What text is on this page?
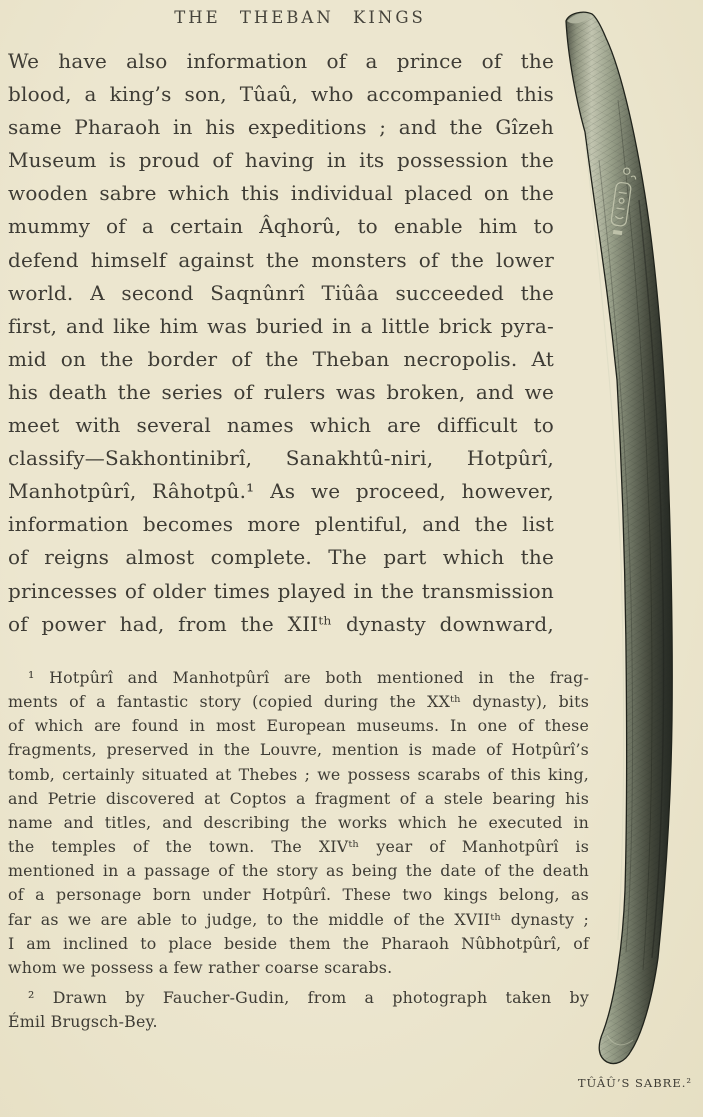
THE THEBAN KINGS
We have also information of a prince of the
blood, a king’s son, Tûaû, who accompanied this
same Pharaoh in his expeditions ; and the Gîzeh
Museum is proud of having in its possession the
wooden sabre which this individual placed on the
mummy of a certain Âqhorû, to enable him to
defend himself against the monsters of the lower
world. A second Saqnûnrî Tiûâa succeeded the
first, and like him was buried in a little brick pyra-
mid on the border of the Theban necropolis. At
his death the series of rulers was broken, and we
meet with several names which are difficult to
classify—Sakhontinibrî, Sanakhtû-niri, Hotpûrî,
Manhotpûrî, Râhotpû.¹ As we proceed, however,
information becomes more plentiful, and the list
of reigns almost complete. The part which the
princesses of older times played in the transmission
of power had, from the XIIᵗʰ dynasty downward,
¹ Hotpûrî and Manhotpûrî are both mentioned in the frag-
ments of a fantastic story (copied during the XXᵗʰ dynasty), bits
of which are found in most European museums. In one of these
fragments, preserved in the Louvre, mention is made of Hotpûrî’s
tomb, certainly situated at Thebes ; we possess scarabs of this king,
and Petrie discovered at Coptos a fragment of a stele bearing his
name and titles, and describing the works which he executed in
the temples of the town. The XIVᵗʰ year of Manhotpûrî is
mentioned in a passage of the story as being the date of the death
of a personage born under Hotpûrî. These two kings belong, as
far as we are able to judge, to the middle of the XVIIᵗʰ dynasty ;
I am inclined to place beside them the Pharaoh Nûbhotpûrî, of
whom we possess a few rather coarse scarabs.
² Drawn by Faucher-Gudin, from a photograph taken by
Émil Brugsch-Bey.
TÛÂÛ’S SABRE.²
